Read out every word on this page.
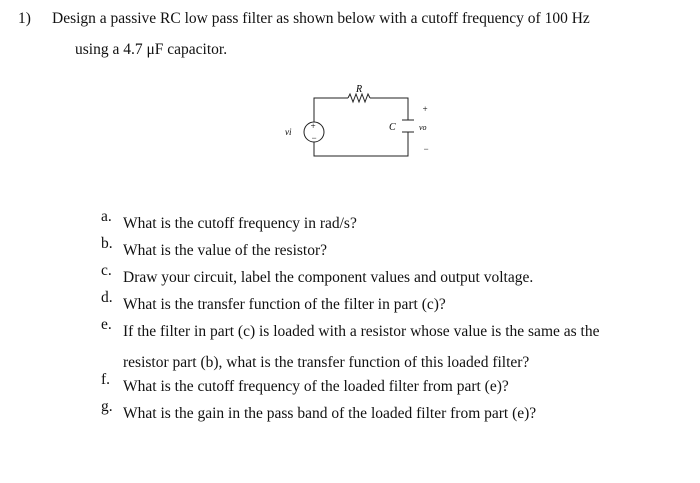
1) Design a passive RC low pass filter as shown below with a cutoff frequency of 100 Hz
using a 4.7 μF capacitor.
R
C
vi	vo
+
−
+
−
a. What is the cutoff frequency in rad/s?
b. What is the value of the resistor?
c. Draw your circuit, label the component values and output voltage.
d. What is the transfer function of the filter in part (c)?
e. If the filter in part (c) is loaded with a resistor whose value is the same as the resistor part (b), what is the transfer function of this loaded filter?
f. What is the cutoff frequency of the loaded filter from part (e)?
g. What is the gain in the pass band of the loaded filter from part (e)?
